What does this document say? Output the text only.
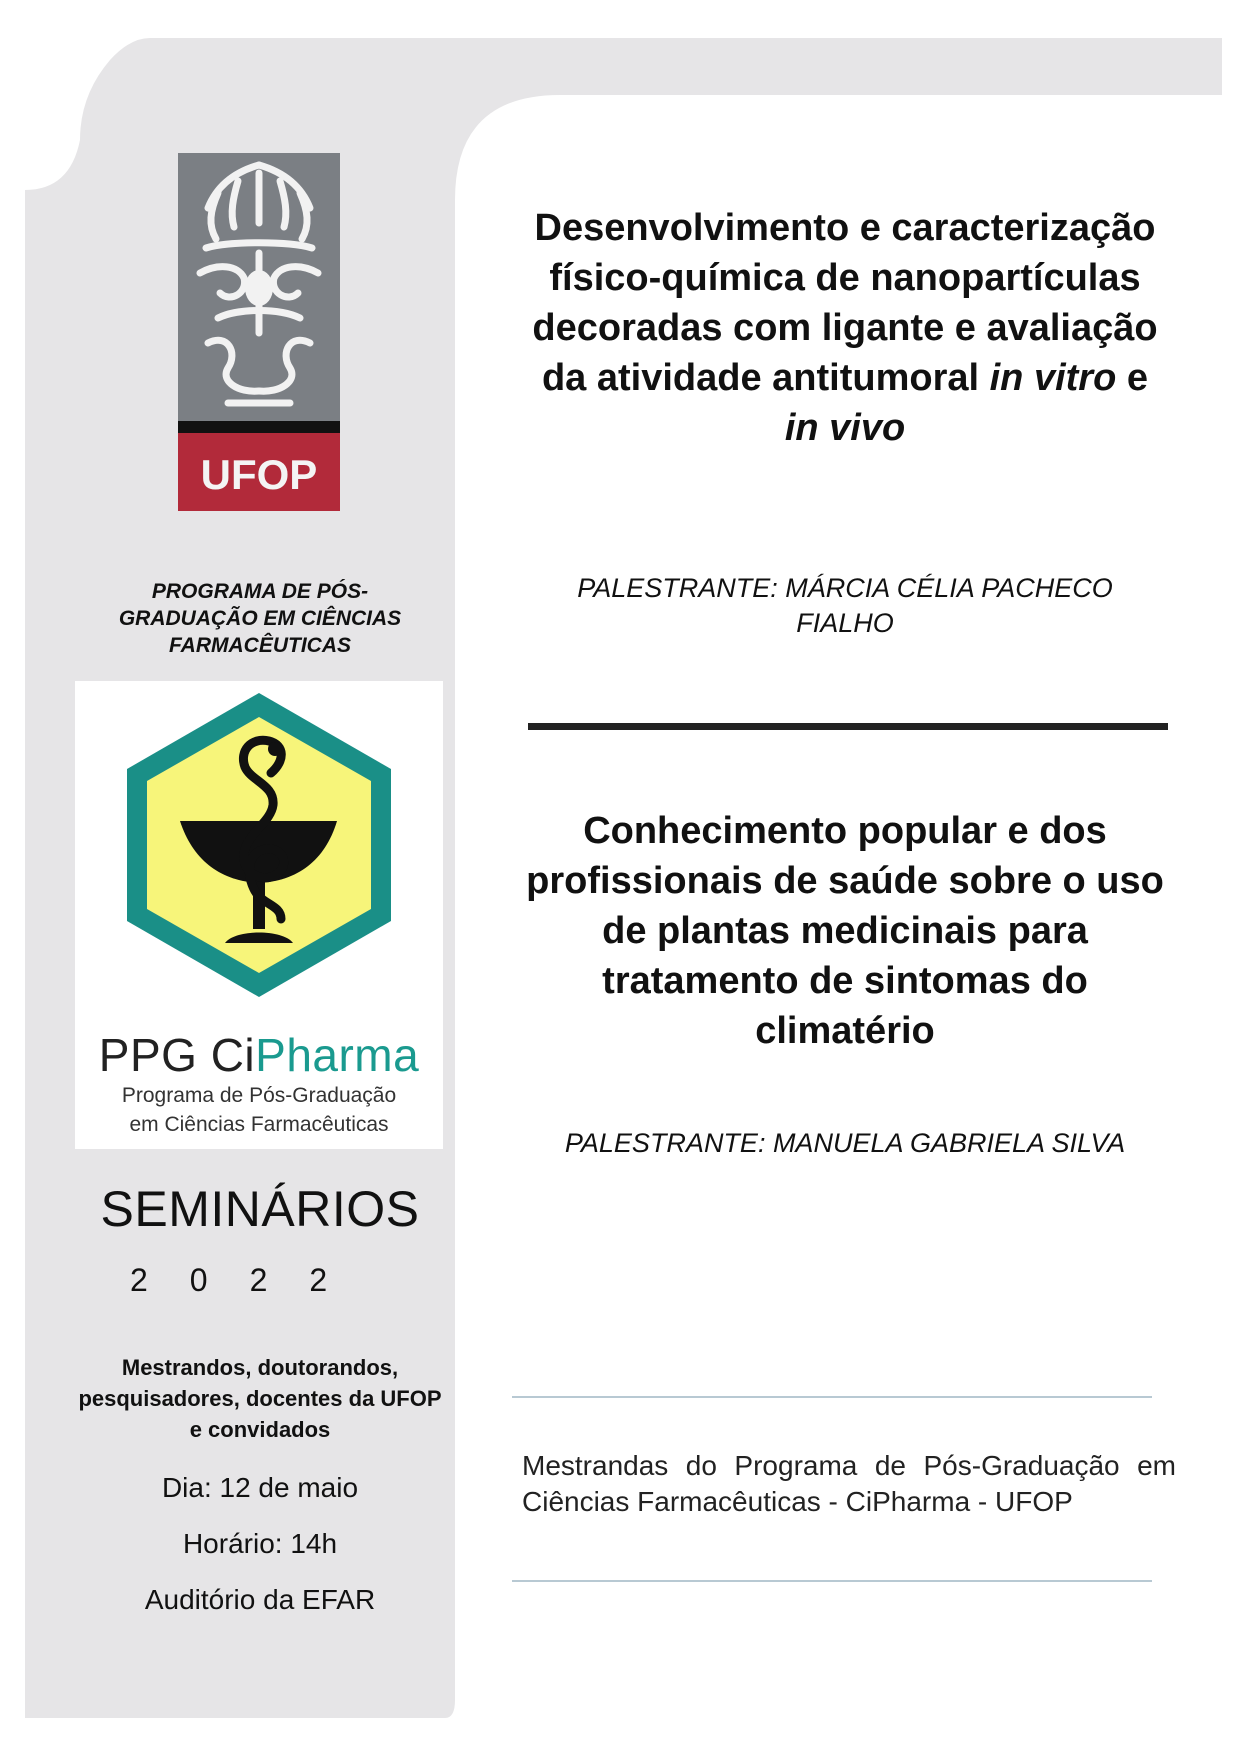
UFOP
PROGRAMA DE PÓS-GRADUAÇÃO EM CIÊNCIAS FARMACÊUTICAS
PPG CiPharma
Programa de Pós-Graduação
em Ciências Farmacêuticas
SEMINÁRIOS
2022
Mestrandos, doutorandos, pesquisadores, docentes da UFOP e convidados
Dia: 12 de maio
Horário: 14h
Auditório da EFAR
Desenvolvimento e caracterização físico-química de nanopartículas decoradas com ligante e avaliação da atividade antitumoral in vitro e in vivo
PALESTRANTE: MÁRCIA CÉLIA PACHECO FIALHO
Conhecimento popular e dos profissionais de saúde sobre o uso de plantas medicinais para tratamento de sintomas do climatério
PALESTRANTE: MANUELA GABRIELA SILVA
Mestrandas do Programa de Pós-Graduação em Ciências Farmacêuticas - CiPharma - UFOP
